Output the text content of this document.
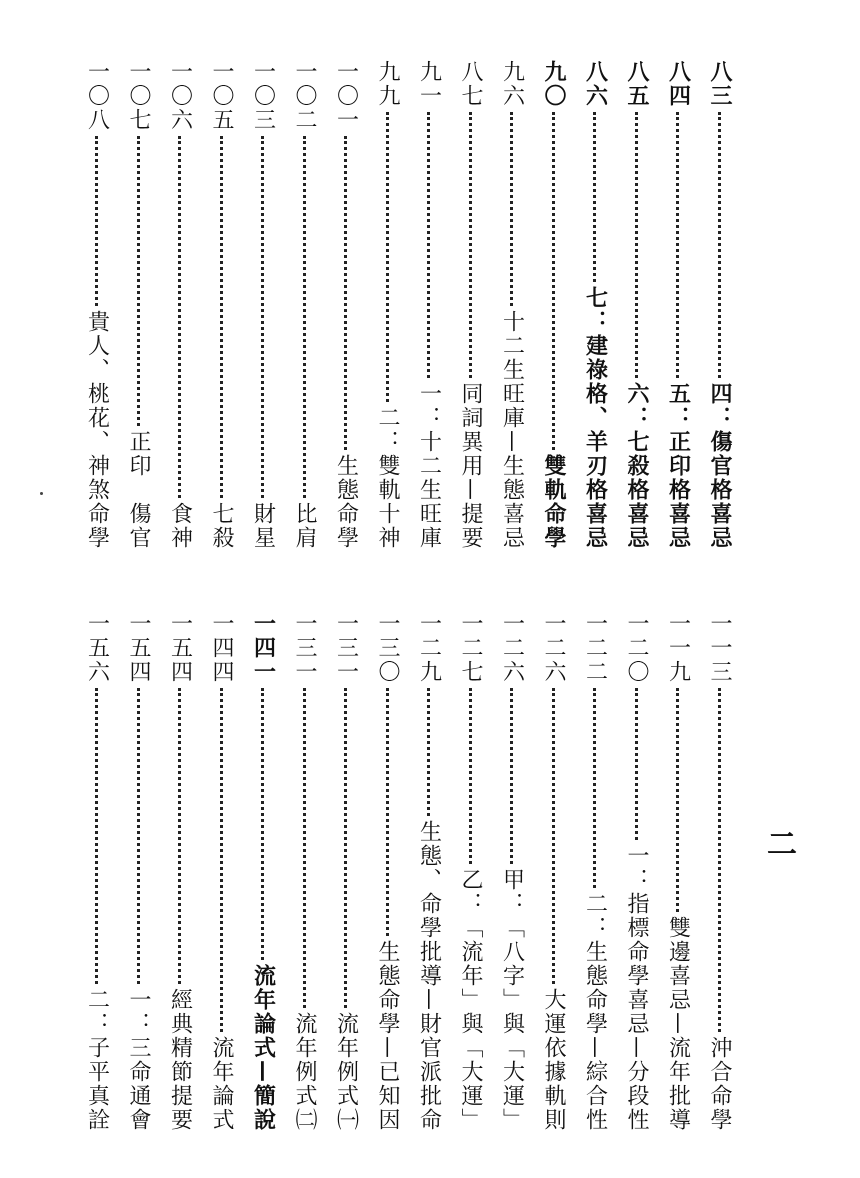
四：傷官格喜忌
八三
五：正印格喜忌
八四
六：七殺格喜忌
八五
七：建祿格、羊刃格喜忌
八六
雙軌命學
九〇
十二生旺庫—生態喜忌
九六
同詞異用—提要
八七
一：十二生旺庫
九一
二：雙軌十神
九九
生態命學
一〇一
比肩
一〇二
財星
一〇三
七殺
一〇五
食神
一〇六
正印　傷官
一〇七
貴人、桃花、神煞命學
一〇八
沖合命學
一一三
雙邊喜忌—流年批導
一一九
一：指標命學喜忌—分段性
一二〇
二：生態命學—綜合性
一二二
大運依據軌則
一二六
甲：「八字」與「大運」
一二六
乙：「流年」與「大運」
一二七
生態、命學批導—財官派批命
一二九
生態命學—已知因
一三〇
流年例式㈠
一三一
流年例式㈡
一三一
流年論式—簡說
一四一
流年論式
一四四
經典精節提要
一五四
一：三命通會
一五四
二：子平真詮
一五六
二
